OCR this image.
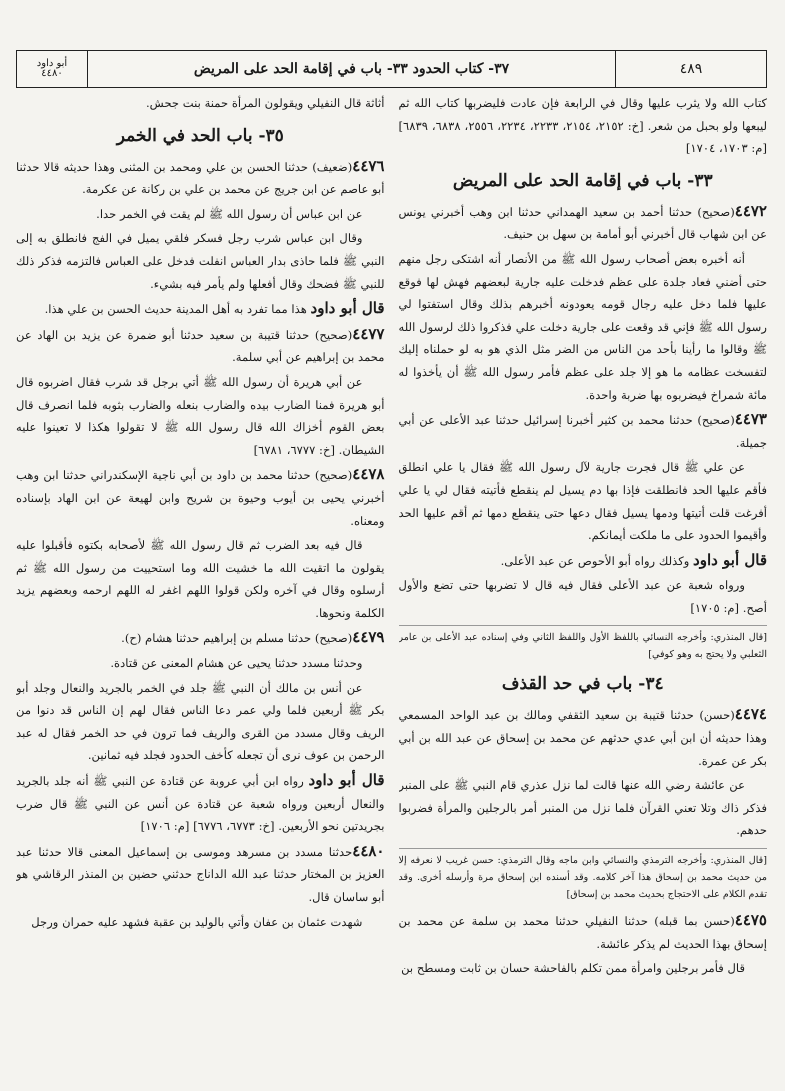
أبو داود
٤٤٨٠	٣٧- كتاب الحدود ٣٣- باب في إقامة الحد على المريض	٤٨٩

كتاب الله ولا يثرب عليها وقال في الرابعة فإن عادت فليضربها كتاب الله ثم ليبعها ولو بحبل من شعر. [خ: ٢١٥٢، ٢١٥٤، ٢٢٣٣، ٢٢٣٤، ٢٥٥٦، ٦٨٣٨، ٦٨٣٩] [م: ١٧٠٣، ١٧٠٤]

٣٣- باب في إقامة الحد على المريض

٤٤٧٢(صحيح) حدثنا أحمد بن سعيد الهمداني حدثنا ابن وهب أخبرني يونس عن ابن شهاب قال أخبرني أبو أمامة بن سهل بن حنيف.

أنه أخبره بعض أصحاب رسول الله ﷺ من الأنصار أنه اشتكى رجل منهم حتى أضني فعاد جلدة على عظم فدخلت عليه جارية لبعضهم فهش لها فوقع عليها فلما دخل عليه رجال قومه يعودونه أخبرهم بذلك وقال استفتوا لي رسول الله ﷺ فإني قد وقعت على جارية دخلت علي فذكروا ذلك لرسول الله ﷺ وقالوا ما رأينا بأحد من الناس من الضر مثل الذي هو به لو حملناه إليك لتفسخت عظامه ما هو إلا جلد على عظم فأمر رسول الله ﷺ أن يأخذوا له مائة شمراخ فيضربوه بها ضربة واحدة.

٤٤٧٣(صحيح) حدثنا محمد بن كثير أخبرنا إسرائيل حدثنا عبد الأعلى عن أبي جميلة.

عن علي ﷺ قال فجرت جارية لآل رسول الله ﷺ فقال يا علي انطلق فأقم عليها الحد فانطلقت فإذا بها دم يسيل لم ينقطع فأتيته فقال لي يا علي أفرغت قلت أتيتها ودمها يسيل فقال دعها حتى ينقطع دمها ثم أقم عليها الحد وأقيموا الحدود على ما ملكت أيمانكم.

قال أبو داود وكذلك رواه أبو الأحوص عن عبد الأعلى.

ورواه شعبة عن عبد الأعلى فقال فيه قال لا تضربها حتى تضع والأول أصح. [م: ١٧٠٥]

[قال المنذري: وأخرجه النسائي باللفظ الأول واللفظ الثاني وفي إسناده عبد الأعلى بن عامر الثعلبي ولا يحتج به وهو كوفي]
٣٤- باب في حد القذف

٤٤٧٤(حسن) حدثنا قتيبة بن سعيد الثقفي ومالك بن عبد الواحد المسمعي وهذا حديثه أن ابن أبي عدي حدثهم عن محمد بن إسحاق عن عبد الله بن أبي بكر عن عمرة.

عن عائشة رضي الله عنها قالت لما نزل عذري قام النبي ﷺ على المنبر فذكر ذاك وتلا تعني القرآن فلما نزل من المنبر أمر بالرجلين والمرأة فضربوا حدهم.

[قال المنذري: وأخرجه الترمذي والنسائي وابن ماجه وقال الترمذي: حسن غريب لا نعرفه إلا من حديث محمد بن إسحاق هذا آخر كلامه. وقد أسنده ابن إسحاق مرة وأرسله أخرى. وقد تقدم الكلام على الاحتجاج بحديث محمد بن إسحاق]

٤٤٧٥(حسن بما قبله) حدثنا النفيلي حدثنا محمد بن سلمة عن محمد بن إسحاق بهذا الحديث لم يذكر عائشة.

قال فأمر برجلين وامرأة ممن تكلم بالفاحشة حسان بن ثابت ومسطح بن

أثاثة قال النفيلي ويقولون المرأة حمنة بنت جحش.

٣٥- باب الحد في الخمر

٤٤٧٦(ضعيف) حدثنا الحسن بن علي ومحمد بن المثنى وهذا حديثه قالا حدثنا أبو عاصم عن ابن جريج عن محمد بن علي بن ركانة عن عكرمة.

عن ابن عباس أن رسول الله ﷺ لم يقت في الخمر حدا.

وقال ابن عباس شرب رجل فسكر فلقي يميل في الفج فانطلق به إلى النبي ﷺ فلما حاذى بدار العباس انفلت فدخل على العباس فالتزمه فذكر ذلك للنبي ﷺ فضحك وقال أفعلها ولم يأمر فيه بشيء.

قال أبو داود هذا مما تفرد به أهل المدينة حديث الحسن بن علي هذا.

٤٤٧٧(صحيح) حدثنا قتيبة بن سعيد حدثنا أبو ضمرة عن يزيد بن الهاد عن محمد بن إبراهيم عن أبي سلمة.

عن أبي هريرة أن رسول الله ﷺ أتي برجل قد شرب فقال اضربوه قال أبو هريرة فمنا الضارب بيده والضارب بنعله والضارب بثوبه فلما انصرف قال بعض القوم أخزاك الله قال رسول الله ﷺ لا تقولوا هكذا لا تعينوا عليه الشيطان. [خ: ٦٧٧٧، ٦٧٨١]

٤٤٧٨(صحيح) حدثنا محمد بن داود بن أبي ناجية الإسكندراني حدثنا ابن وهب أخبرني يحيى بن أيوب وحيوة بن شريح وابن لهيعة عن ابن الهاد بإسناده ومعناه.

قال فيه بعد الضرب ثم قال رسول الله ﷺ لأصحابه بكتوه فأقبلوا عليه يقولون ما اتقيت الله ما خشيت الله وما استحييت من رسول الله ﷺ ثم أرسلوه وقال في آخره ولكن قولوا اللهم اغفر له اللهم ارحمه وبعضهم يزيد الكلمة ونحوها.

٤٤٧٩(صحيح) حدثنا مسلم بن إبراهيم حدثنا هشام (ح).

وحدثنا مسدد حدثنا يحيى عن هشام المعنى عن قتادة.

عن أنس بن مالك أن النبي ﷺ جلد في الخمر بالجريد والنعال وجلد أبو بكر ﷺ أربعين فلما ولي عمر دعا الناس فقال لهم إن الناس قد دنوا من الريف وقال مسدد من القرى والريف فما ترون في حد الخمر فقال له عبد الرحمن بن عوف نرى أن تجعله كأخف الحدود فجلد فيه ثمانين.

قال أبو داود رواه ابن أبي عروبة عن قتادة عن النبي ﷺ أنه جلد بالجريد والنعال أربعين ورواه شعبة عن قتادة عن أنس عن النبي ﷺ قال ضرب بجريدتين نحو الأربعين. [خ: ٦٧٧٣، ٦٧٧٦] [م: ١٧٠٦]

٤٤٨٠حدثنا مسدد بن مسرهد وموسى بن إسماعيل المعنى قالا حدثنا عبد العزيز بن المختار حدثنا عبد الله الداناج حدثني حضين بن المنذر الرقاشي هو أبو ساسان قال.

شهدت عثمان بن عفان وأتي بالوليد بن عقبة فشهد عليه حمران ورجل
